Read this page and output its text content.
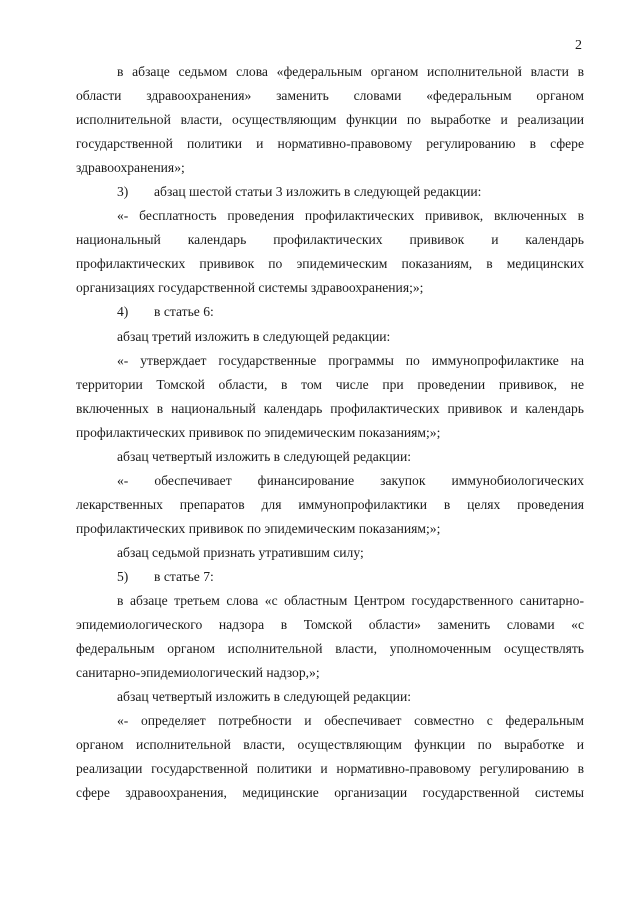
2
в абзаце седьмом слова «федеральным органом исполнительной власти в
области здравоохранения» заменить словами «федеральным органом
исполнительной власти, осуществляющим функции по выработке и реализации
государственной политики и нормативно-правовому регулированию в сфере
здравоохранения»;
3) абзац шестой статьи 3 изложить в следующей редакции:
«- бесплатность проведения профилактических прививок, включенных в
национальный календарь профилактических прививок и календарь
профилактических прививок по эпидемическим показаниям, в медицинских
организациях государственной системы здравоохранения;»;
4) в статье 6:
абзац третий изложить в следующей редакции:
«- утверждает государственные программы по иммунопрофилактике на
территории Томской области, в том числе при проведении прививок, не
включенных в национальный календарь профилактических прививок и календарь
профилактических прививок по эпидемическим показаниям;»;
абзац четвертый изложить в следующей редакции:
«- обеспечивает финансирование закупок иммунобиологических
лекарственных препаратов для иммунопрофилактики в целях проведения
профилактических прививок по эпидемическим показаниям;»;
абзац седьмой признать утратившим силу;
5) в статье 7:
в абзаце третьем слова «с областным Центром государственного санитарно-
эпидемиологического надзора в Томской области» заменить словами «с
федеральным органом исполнительной власти, уполномоченным осуществлять
санитарно-эпидемиологический надзор,»;
абзац четвертый изложить в следующей редакции:
«- определяет потребности и обеспечивает совместно с федеральным
органом исполнительной власти, осуществляющим функции по выработке и
реализации государственной политики и нормативно-правовому регулированию в
сфере здравоохранения, медицинские организации государственной системы
